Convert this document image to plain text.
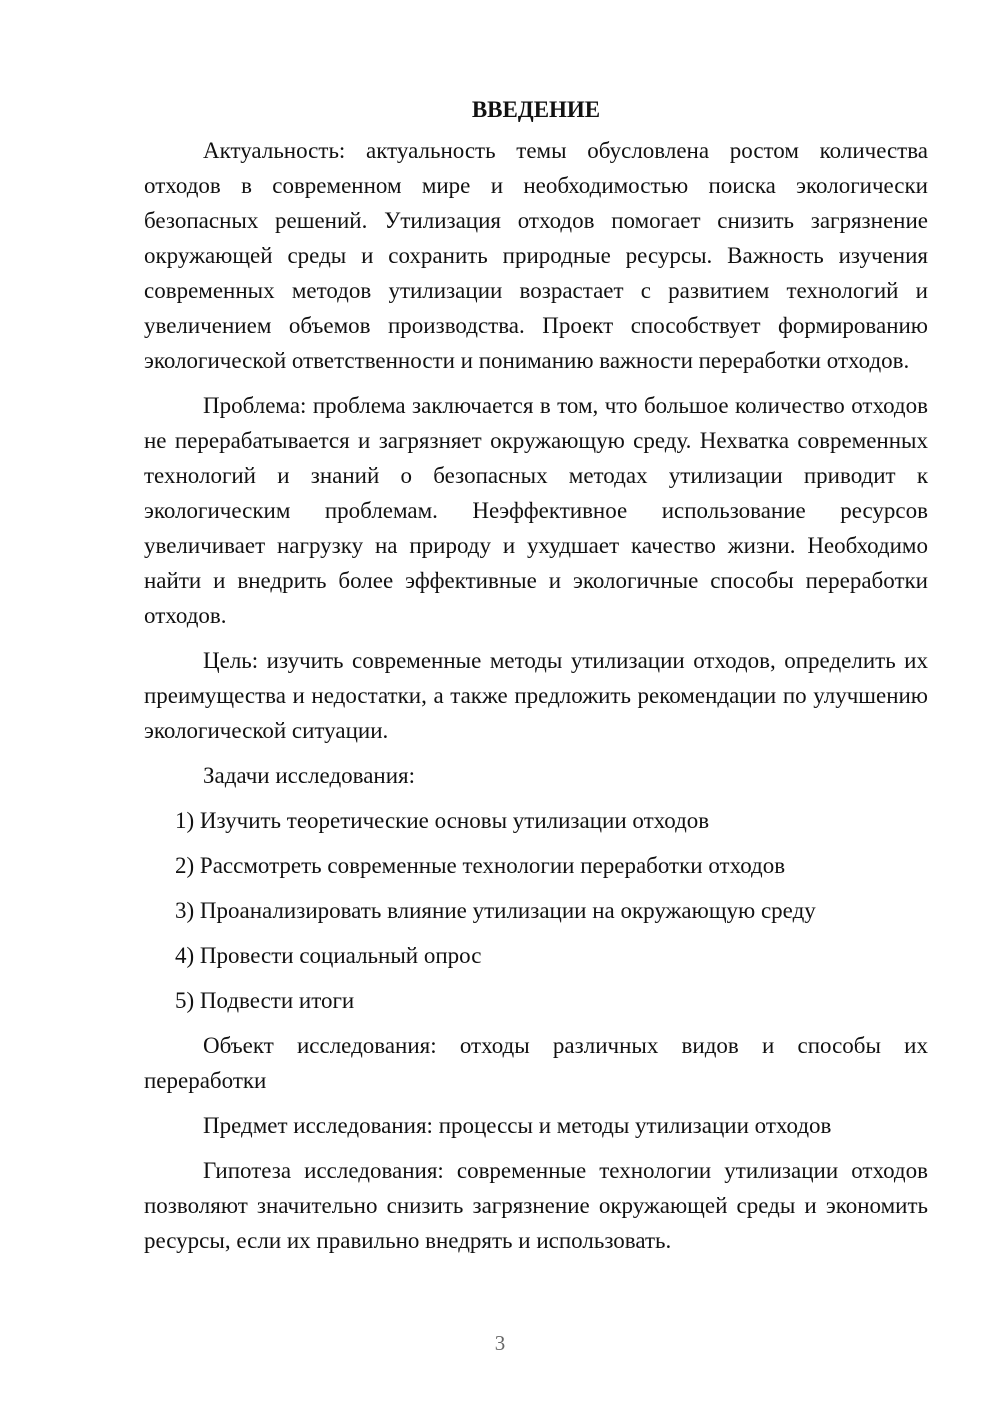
ВВЕДЕНИЕ

Актуальность: актуальность темы обусловлена ростом количества отходов в современном мире и необходимостью поиска экологически безопасных решений. Утилизация отходов помогает снизить загрязнение окружающей среды и сохранить природные ресурсы. Важность изучения современных методов утилизации возрастает с развитием технологий и увеличением объемов производства. Проект способствует формированию экологической ответственности и пониманию важности переработки отходов.

Проблема: проблема заключается в том, что большое количество отходов не перерабатывается и загрязняет окружающую среду. Нехватка современных технологий и знаний о безопасных методах утилизации приводит к экологическим проблемам. Неэффективное использование ресурсов увеличивает нагрузку на природу и ухудшает качество жизни. Необходимо найти и внедрить более эффективные и экологичные способы переработки отходов.

Цель: изучить современные методы утилизации отходов, определить их преимущества и недостатки, а также предложить рекомендации по улучшению экологической ситуации.

Задачи исследования:

1) Изучить теоретические основы утилизации отходов
2) Рассмотреть современные технологии переработки отходов
3) Проанализировать влияние утилизации на окружающую среду
4) Провести социальный опрос
5) Подвести итоги

Объект исследования: отходы различных видов и способы их переработки

Предмет исследования: процессы и методы утилизации отходов

Гипотеза исследования: современные технологии утилизации отходов позволяют значительно снизить загрязнение окружающей среды и экономить ресурсы, если их правильно внедрять и использовать.

3
